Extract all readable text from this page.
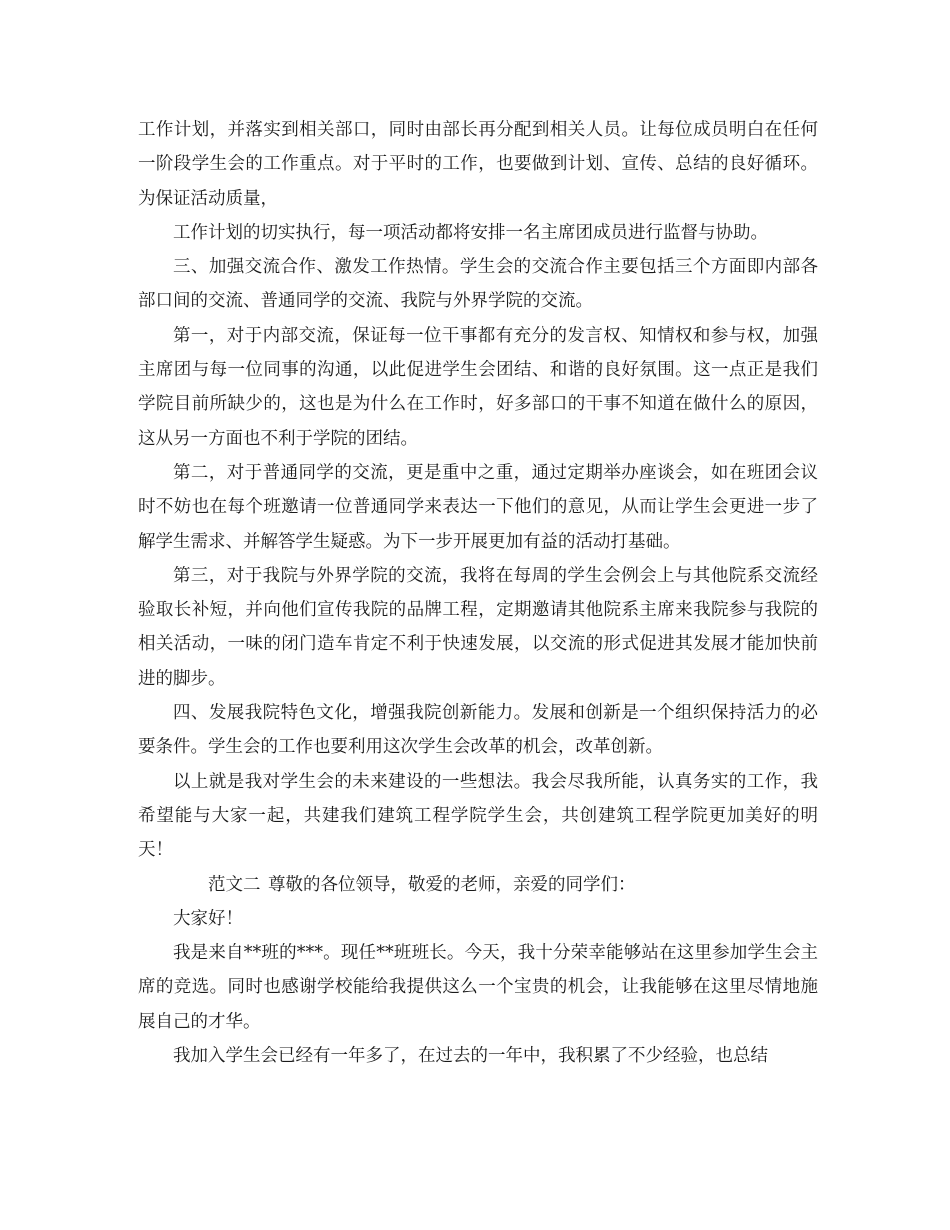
工作计划，并落实到相关部口，同时由部长再分配到相关人员。让每位成员明白在任何一阶段学生会的工作重点。对于平时的工作，也要做到计划、宣传、总结的良好循环。为保证活动质量，

工作计划的切实执行，每一项活动都将安排一名主席团成员进行监督与协助。

三、加强交流合作、激发工作热情。学生会的交流合作主要包括三个方面即内部各部口间的交流、普通同学的交流、我院与外界学院的交流。

第一，对于内部交流，保证每一位干事都有充分的发言权、知情权和参与权，加强主席团与每一位同事的沟通，以此促进学生会团结、和谐的良好氛围。这一点正是我们学院目前所缺少的，这也是为什么在工作时，好多部口的干事不知道在做什么的原因，这从另一方面也不利于学院的团结。

第二，对于普通同学的交流，更是重中之重，通过定期举办座谈会，如在班团会议时不妨也在每个班邀请一位普通同学来表达一下他们的意见，从而让学生会更进一步了解学生需求、并解答学生疑惑。为下一步开展更加有益的活动打基础。

第三，对于我院与外界学院的交流，我将在每周的学生会例会上与其他院系交流经验取长补短，并向他们宣传我院的品牌工程，定期邀请其他院系主席来我院参与我院的相关活动，一味的闭门造车肯定不利于快速发展，以交流的形式促进其发展才能加快前进的脚步。

四、发展我院特色文化，增强我院创新能力。发展和创新是一个组织保持活力的必要条件。学生会的工作也要利用这次学生会改革的机会，改革创新。

以上就是我对学生会的未来建设的一些想法。我会尽我所能，认真务实的工作，我希望能与大家一起，共建我们建筑工程学院学生会，共创建筑工程学院更加美好的明天！

范文二 尊敬的各位领导，敬爱的老师，亲爱的同学们：

大家好！

我是来自**班的***。现任**班班长。今天，我十分荣幸能够站在这里参加学生会主席的竞选。同时也感谢学校能给我提供这么一个宝贵的机会，让我能够在这里尽情地施展自己的才华。

我加入学生会已经有一年多了，在过去的一年中，我积累了不少经验，也总结
